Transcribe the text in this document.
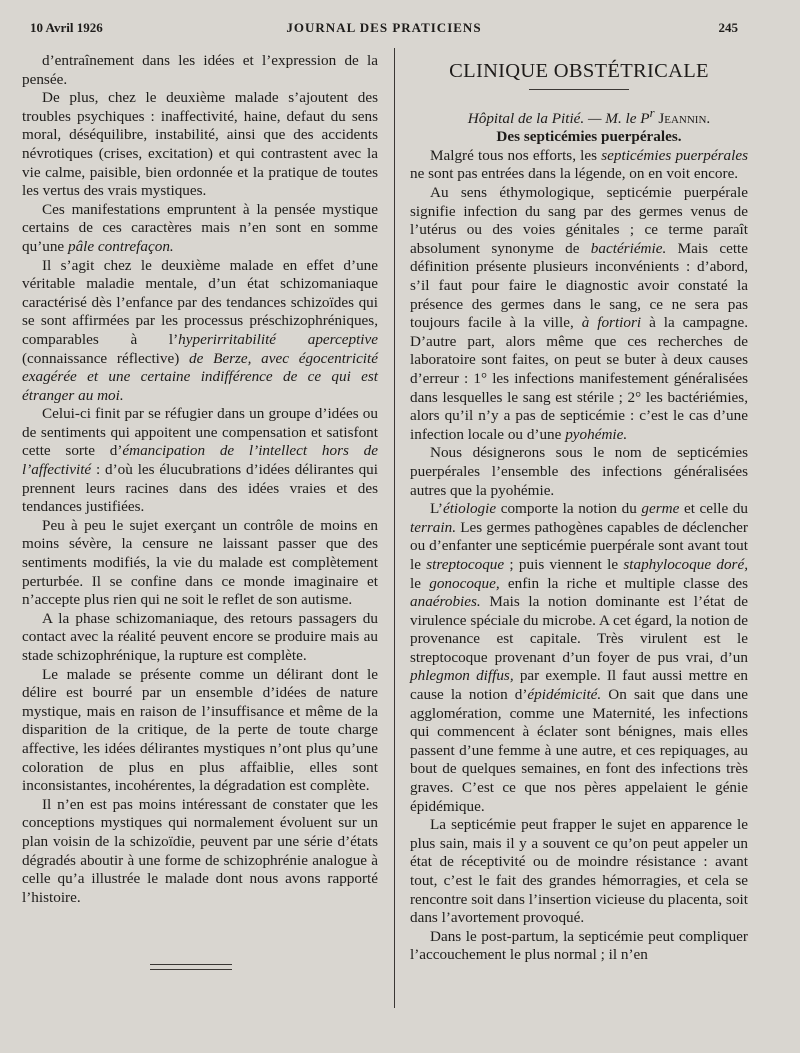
10 Avril 1926	JOURNAL DES PRATICIENS	245

d’entraînement dans les idées et l’expression de la pensée.

De plus, chez le deuxième malade s’ajoutent des troubles psychiques : inaffectivité, haine, defaut du sens moral, déséquilibre, instabilité, ainsi que des accidents névrotiques (crises, excitation) et qui contrastent avec la vie calme, paisible, bien ordonnée et la pratique de toutes les vertus des vrais mystiques.

Ces manifestations empruntent à la pensée mystique certains de ces caractères mais n’en sont en somme qu’une pâle contrefaçon.

Il s’agit chez le deuxième malade en effet d’une véritable maladie mentale, d’un état schizomaniaque caractérisé dès l’enfance par des tendances schizoïdes qui se sont affirmées par les processus préschizophréniques, comparables à l’hyperirritabilité aperceptive (connaissance réflective) de Berze, avec égocentricité exagérée et une certaine indifférence de ce qui est étranger au moi.

Celui-ci finit par se réfugier dans un groupe d’idées ou de sentiments qui appoitent une compensation et satisfont cette sorte d’émancipation de l’intellect hors de l’affectivité : d’où les élucubrations d’idées délirantes qui prennent leurs racines dans des idées vraies et des tendances justifiées.

Peu à peu le sujet exerçant un contrôle de moins en moins sévère, la censure ne laissant passer que des sentiments modifiés, la vie du malade est complètement perturbée. Il se confine dans ce monde imaginaire et n’accepte plus rien qui ne soit le reflet de son autisme.

A la phase schizomaniaque, des retours passagers du contact avec la réalité peuvent encore se produire mais au stade schizophrénique, la rupture est complète.

Le malade se présente comme un délirant dont le délire est bourré par un ensemble d’idées de nature mystique, mais en raison de l’insuffisance et même de la disparition de la critique, de la perte de toute charge affective, les idées délirantes mystiques n’ont plus qu’une coloration de plus en plus affaiblie, elles sont inconsistantes, incohérentes, la dégradation est complète.

Il n’en est pas moins intéressant de constater que les conceptions mystiques qui normalement évoluent sur un plan voisin de la schizoïdie, peuvent par une série d’états dégradés aboutir à une forme de schizophrénie analogue à celle qu’a illustrée le malade dont nous avons rapporté l’histoire.

CLINIQUE OBSTÉTRICALE

Hôpital de la Pitié. — M. le $P^r$ Jeannin.

Des septicémies puerpérales.

Malgré tous nos efforts, les septicémies puerpérales ne sont pas entrées dans la légende, on en voit encore.

Au sens éthymologique, septicémie puerpérale signifie infection du sang par des germes venus de l’utérus ou des voies génitales ; ce terme paraît absolument synonyme de bactériémie. Mais cette définition présente plusieurs inconvénients : d’abord, s’il faut pour faire le diagnostic avoir constaté la présence des germes dans le sang, ce ne sera pas toujours facile à la ville, à fortiori à la campagne. D’autre part, alors même que ces recherches de laboratoire sont faites, on peut se buter à deux causes d’erreur : 1° les infections manifestement généralisées dans lesquelles le sang est stérile ; 2° les bactériémies, alors qu’il n’y a pas de septicémie : c’est le cas d’une infection locale ou d’une pyohémie.

Nous désignerons sous le nom de septicémies puerpérales l’ensemble des infections généralisées autres que la pyohémie.

L’étiologie comporte la notion du germe et celle du terrain. Les germes pathogènes capables de déclencher ou d’enfanter une septicémie puerpérale sont avant tout le streptocoque ; puis viennent le staphylocoque doré, le gonocoque, enfin la riche et multiple classe des anaérobies. Mais la notion dominante est l’état de virulence spéciale du microbe. A cet égard, la notion de provenance est capitale. Très virulent est le streptocoque provenant d’un foyer de pus vrai, d’un phlegmon diffus, par exemple. Il faut aussi mettre en cause la notion d’épidémicité. On sait que dans une agglomération, comme une Maternité, les infections qui commencent à éclater sont bénignes, mais elles passent d’une femme à une autre, et ces repiquages, au bout de quelques semaines, en font des infections très graves. C’est ce que nos pères appelaient le génie épidémique.

La septicémie peut frapper le sujet en apparence le plus sain, mais il y a souvent ce qu’on peut appeler un état de réceptivité ou de moindre résistance : avant tout, c’est le fait des grandes hémorragies, et cela se rencontre soit dans l’insertion vicieuse du placenta, soit dans l’avortement provoqué.

Dans le post-partum, la septicémie peut compliquer l’accouchement le plus normal ; il n’en
